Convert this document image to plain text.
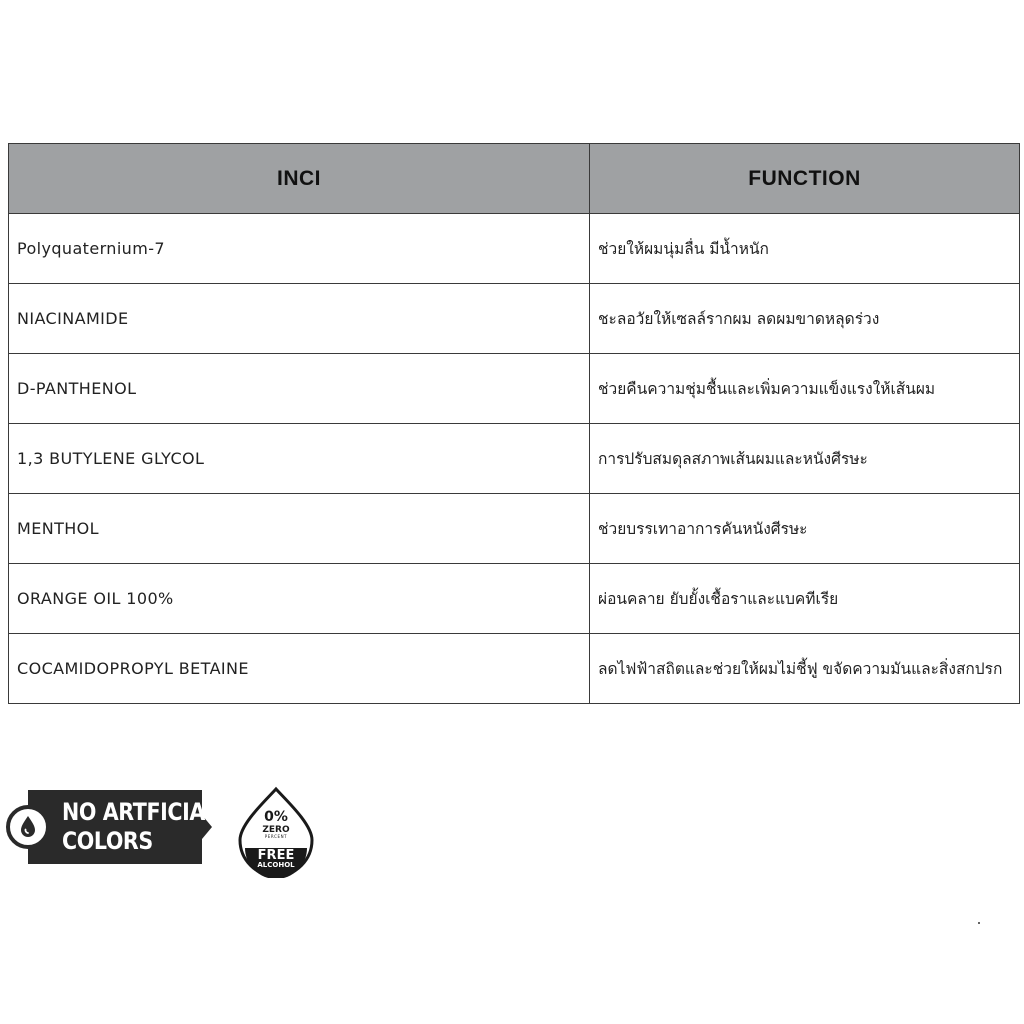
INCI	FUNCTION
Polyquaternium-7	ช่วยให้ผมนุ่มลื่น มีน้ำหนัก
NIACINAMIDE	ชะลอวัยให้เซลล์รากผม ลดผมขาดหลุดร่วง
D-PANTHENOL	ช่วยคืนความชุ่มชื้นและเพิ่มความแข็งแรงให้เส้นผม
1,3 BUTYLENE GLYCOL	การปรับสมดุลสภาพเส้นผมและหนังศีรษะ
MENTHOL	ช่วยบรรเทาอาการคันหนังศีรษะ
ORANGE OIL 100%	ผ่อนคลาย ยับยั้งเชื้อราและแบคทีเรีย
COCAMIDOPROPYL BETAINE	ลดไฟฟ้าสถิตและช่วยให้ผมไม่ชี้ฟู ขจัดความมันและสิ่งสกปรก
NO ARTFICIAL
COLORS
0%
ZERO
PERCENT
FREE
ALCOHOL
